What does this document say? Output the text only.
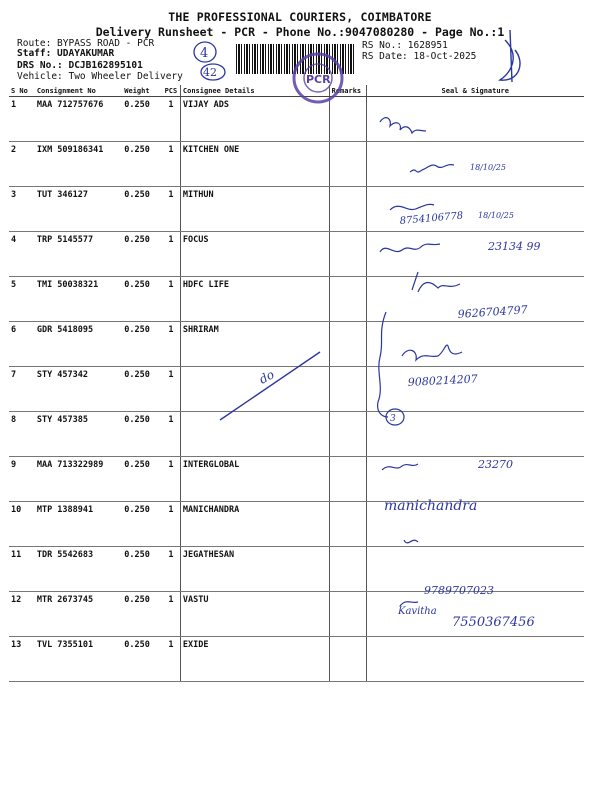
THE PROFESSIONAL COURIERS, COIMBATORE
Delivery Runsheet - PCR - Phone No.:9047080280 - Page No.:1
Route: BYPASS ROAD - PCR
Staff: UDAYAKUMAR
DRS No.: DCJB162895101
Vehicle: Two Wheeler Delivery
RS No.: 1628951
RS Date: 18-Oct-2025
S No	Consignment No	Weight	PCS	Consignee Details	Remarks	Seal & Signature
1	MAA 712757676	0.250	1	VIJAY ADS		
2	IXM 509186341	0.250	1	KITCHEN ONE		
3	TUT 346127	0.250	1	MITHUN		
4	TRP 5145577	0.250	1	FOCUS		
5	TMI 50038321	0.250	1	HDFC LIFE		
6	GDR 5418095	0.250	1	SHRIRAM		
7	STY 457342	0.250	1			
8	STY 457385	0.250	1			
9	MAA 713322989	0.250	1	INTERGLOBAL		
10	MTP 1388941	0.250	1	MANICHANDRA		
11	TDR 5542683	0.250	1	JEGATHESAN		
12	MTR 2673745	0.250	1	VASTU		
13	TVL 7355101	0.250	1	EXIDE		
PCR
4
42
18/10/25
8754106778 18/10/25
23134 99
9626704797
9080214207
3
23270
manichandra
9789707023
Kavitha
7550367456
do
